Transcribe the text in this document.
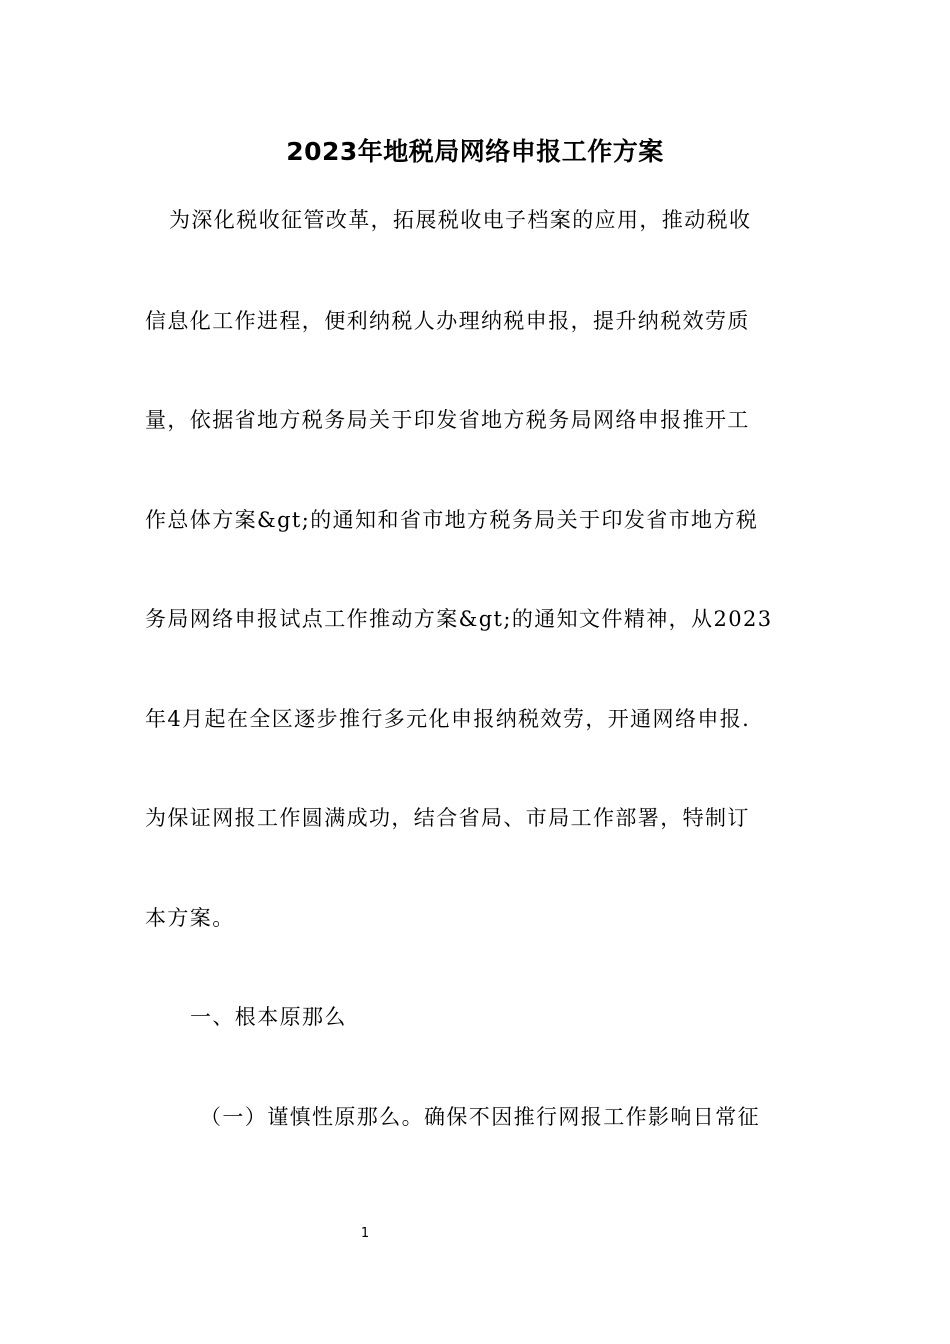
2023年地税局网络申报工作方案
为深化税收征管改革，拓展税收电子档案的应用，推动税收
信息化工作进程，便利纳税人办理纳税申报，提升纳税效劳质
量，依据省地方税务局关于印发省地方税务局网络申报推开工
作总体方案&gt;的通知和省市地方税务局关于印发省市地方税
务局网络申报试点工作推动方案&gt;的通知文件精神，从2023
年4月起在全区逐步推行多元化申报纳税效劳，开通网络申报.
为保证网报工作圆满成功，结合省局、市局工作部署，特制订
本方案。
一、根本原那么
（一）谨慎性原那么。确保不因推行网报工作影响日常征
1
